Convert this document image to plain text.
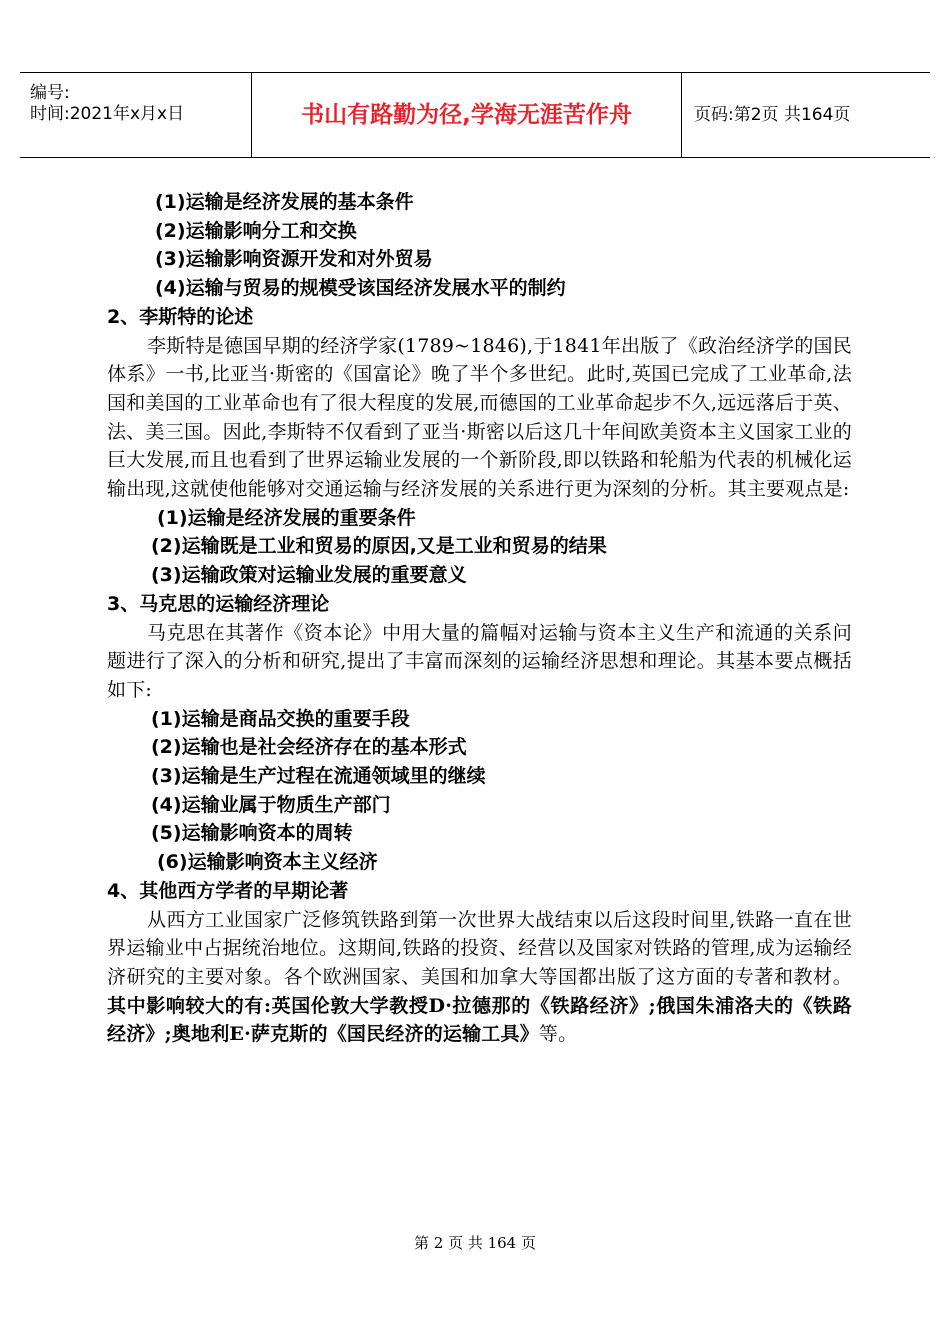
编号:
时间:2021年x月x日	书山有路勤为径,学海无涯苦作舟	页码:第2页 共164页
(1)运输是经济发展的基本条件
(2)运输影响分工和交换
(3)运输影响资源开发和对外贸易
(4)运输与贸易的规模受该国经济发展水平的制约
2、李斯特的论述
李斯特是德国早期的经济学家(1789~1846),于1841年出版了《政治经济学的国民体系》一书,比亚当·斯密的《国富论》晚了半个多世纪。此时,英国已完成了工业革命,法国和美国的工业革命也有了很大程度的发展,而德国的工业革命起步不久,远远落后于英、法、美三国。因此,李斯特不仅看到了亚当·斯密以后这几十年间欧美资本主义国家工业的巨大发展,而且也看到了世界运输业发展的一个新阶段,即以铁路和轮船为代表的机械化运输出现,这就使他能够对交通运输与经济发展的关系进行更为深刻的分析。其主要观点是:
(1)运输是经济发展的重要条件
(2)运输既是工业和贸易的原因,又是工业和贸易的结果
(3)运输政策对运输业发展的重要意义
3、马克思的运输经济理论
马克思在其著作《资本论》中用大量的篇幅对运输与资本主义生产和流通的关系问题进行了深入的分析和研究,提出了丰富而深刻的运输经济思想和理论。其基本要点概括如下:
(1)运输是商品交换的重要手段
(2)运输也是社会经济存在的基本形式
(3)运输是生产过程在流通领域里的继续
(4)运输业属于物质生产部门
(5)运输影响资本的周转
(6)运输影响资本主义经济
4、其他西方学者的早期论著
从西方工业国家广泛修筑铁路到第一次世界大战结束以后这段时间里,铁路一直在世界运输业中占据统治地位。这期间,铁路的投资、经营以及国家对铁路的管理,成为运输经济研究的主要对象。各个欧洲国家、美国和加拿大等国都出版了这方面的专著和教材。其中影响较大的有:英国伦敦大学教授D·拉德那的《铁路经济》;俄国朱浦洛夫的《铁路经济》;奥地利E·萨克斯的《国民经济的运输工具》等。
第 2 页 共 164 页
